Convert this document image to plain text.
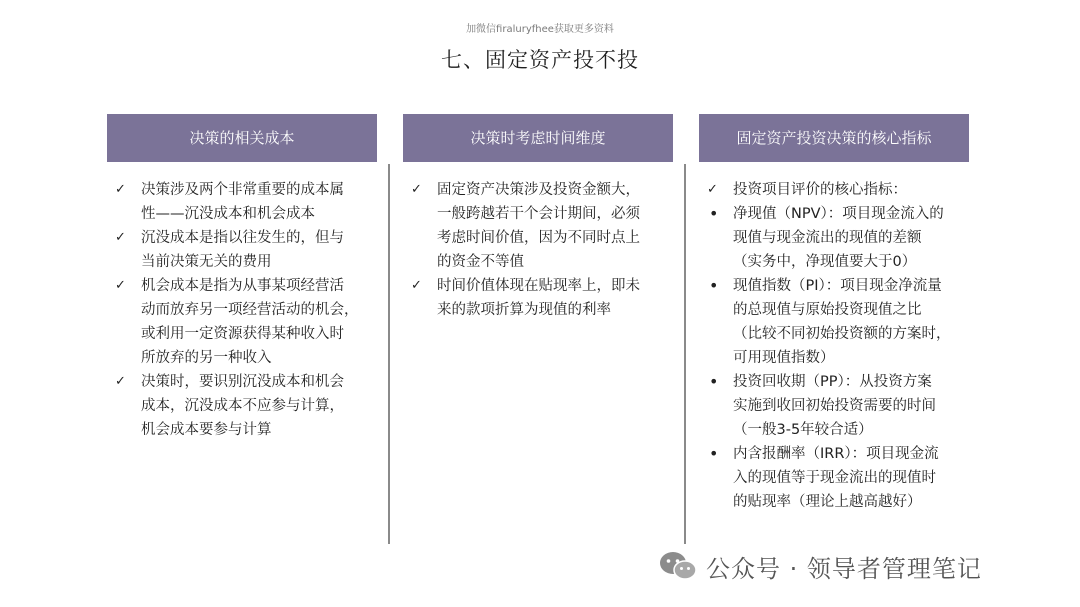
加微信firaluryfhee获取更多资料
七、固定资产投不投
决策的相关成本
✓	决策涉及两个非常重要的成本属
性——沉没成本和机会成本
✓	沉没成本是指以往发生的，但与
当前决策无关的费用
✓	机会成本是指为从事某项经营活
动而放弃另一项经营活动的机会，
或利用一定资源获得某种收入时
所放弃的另一种收入
✓	决策时，要识别沉没成本和机会
成本，沉没成本不应参与计算，
机会成本要参与计算
决策时考虑时间维度
✓	固定资产决策涉及投资金额大，
一般跨越若干个会计期间，必须
考虑时间价值，因为不同时点上
的资金不等值
✓	时间价值体现在贴现率上，即未
来的款项折算为现值的利率
固定资产投资决策的核心指标
✓	投资项目评价的核心指标：
•	净现值（NPV）：项目现金流入的
现值与现金流出的现值的差额
（实务中，净现值要大于0）
•	现值指数（PI）：项目现金净流量
的总现值与原始投资现值之比
（比较不同初始投资额的方案时，
可用现值指数）
•	投资回收期（PP）：从投资方案
实施到收回初始投资需要的时间
（一般3-5年较合适）
•	内含报酬率（IRR）：项目现金流
入的现值等于现金流出的现值时
的贴现率（理论上越高越好）
公众号 · 领导者管理笔记
